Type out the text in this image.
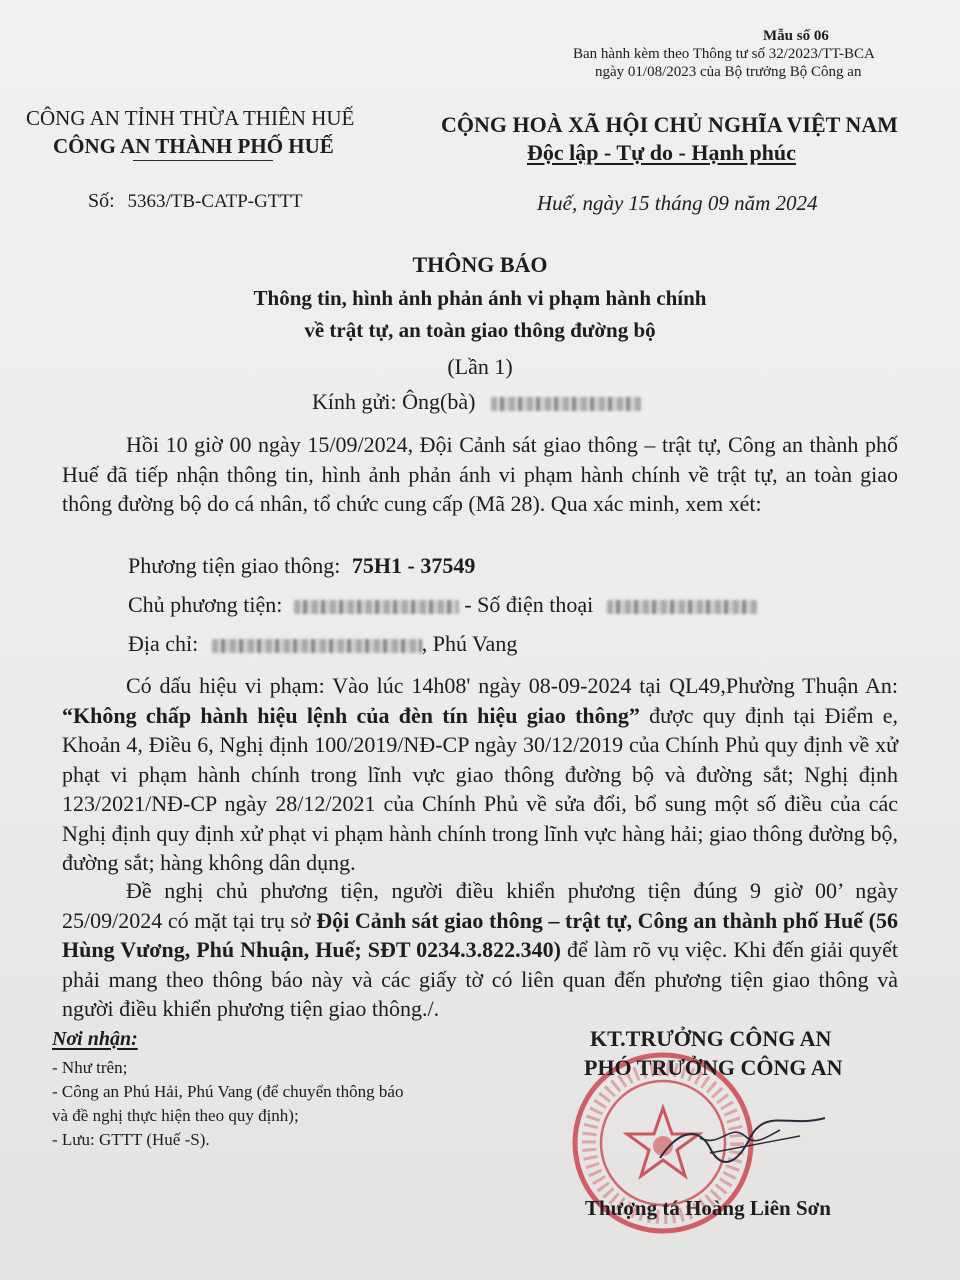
Mẫu số 06
Ban hành kèm theo Thông tư số 32/2023/TT-BCA
ngày 01/08/2023 của Bộ trưởng Bộ Công an
CÔNG AN TỈNH THỪA THIÊN HUẾ
CÔNG AN THÀNH PHỐ HUẾ
CỘNG HOÀ XÃ HỘI CHỦ NGHĨA VIỆT NAM
Độc lập - Tự do - Hạnh phúc
Số: 5363/TB-CATP-GTTT	Huế, ngày 15 tháng 09 năm 2024
THÔNG BÁO
Thông tin, hình ảnh phản ánh vi phạm hành chính
về trật tự, an toàn giao thông đường bộ
(Lần 1)
Kính gửi: Ông(bà)
Hồi 10 giờ 00 ngày 15/09/2024, Đội Cảnh sát giao thông – trật tự, Công an thành phố Huế đã tiếp nhận thông tin, hình ảnh phản ánh vi phạm hành chính về trật tự, an toàn giao thông đường bộ do cá nhân, tổ chức cung cấp (Mã 28). Qua xác minh, xem xét:
Phương tiện giao thông: 75H1 - 37549
Chủ phương tiện:	- Số điện thoại
Địa chỉ:	, Phú Vang
Có dấu hiệu vi phạm: Vào lúc 14h08' ngày 08-09-2024 tại QL49,Phường Thuận An: “Không chấp hành hiệu lệnh của đèn tín hiệu giao thông” được quy định tại Điểm e, Khoản 4, Điều 6, Nghị định 100/2019/NĐ-CP ngày 30/12/2019 của Chính Phủ quy định về xử phạt vi phạm hành chính trong lĩnh vực giao thông đường bộ và đường sắt; Nghị định 123/2021/NĐ-CP ngày 28/12/2021 của Chính Phủ về sửa đổi, bổ sung một số điều của các Nghị định quy định xử phạt vi phạm hành chính trong lĩnh vực hàng hải; giao thông đường bộ, đường sắt; hàng không dân dụng.
Đề nghị chủ phương tiện, người điều khiển phương tiện đúng 9 giờ 00’ ngày 25/09/2024 có mặt tại trụ sở Đội Cảnh sát giao thông – trật tự, Công an thành phố Huế (56 Hùng Vương, Phú Nhuận, Huế; SĐT 0234.3.822.340) để làm rõ vụ việc. Khi đến giải quyết phải mang theo thông báo này và các giấy tờ có liên quan đến phương tiện giao thông và người điều khiển phương tiện giao thông./.
Nơi nhận:
- Như trên;
- Công an Phú Hải, Phú Vang (để chuyển thông báo
và đề nghị thực hiện theo quy định);
- Lưu: GTTT (Huế -S).
KT.TRƯỞNG CÔNG AN
PHÓ TRƯỞNG CÔNG AN
Thượng tá Hoàng Liên Sơn
